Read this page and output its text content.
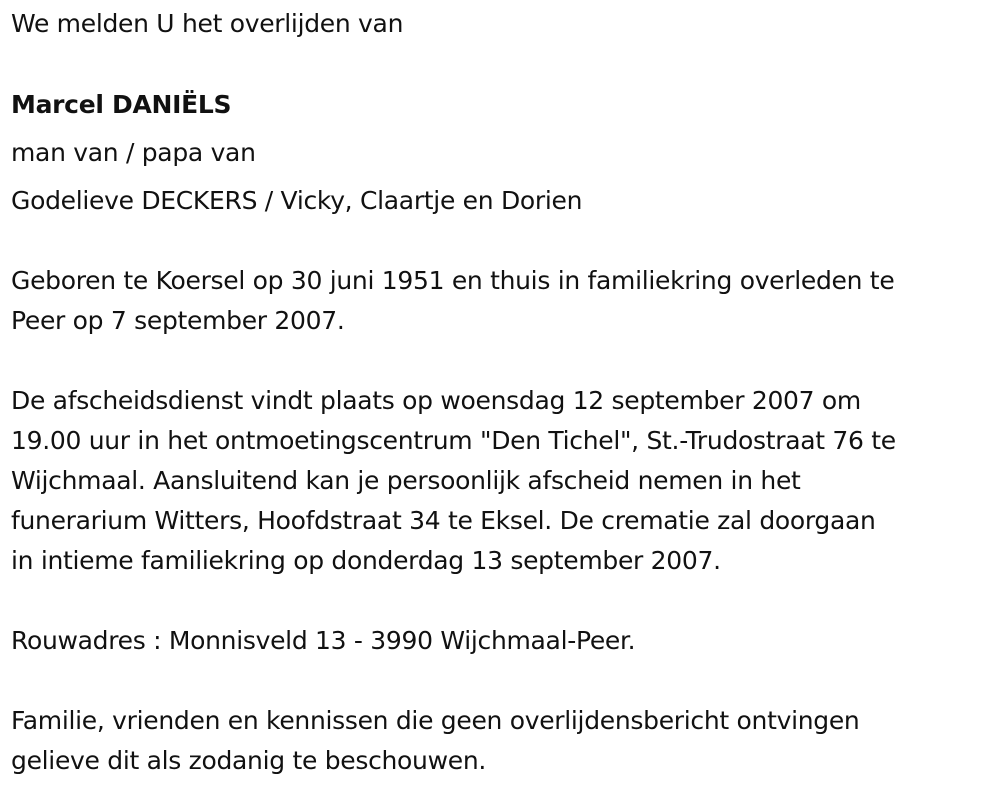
We melden U het overlijden van
Marcel DANIËLS
man van / papa van
Godelieve DECKERS / Vicky, Claartje en Dorien
Geboren te Koersel op 30 juni 1951 en thuis in familiekring overleden te
Peer op 7 september 2007.
De afscheidsdienst vindt plaats op woensdag 12 september 2007 om
19.00 uur in het ontmoetingscentrum "Den Tichel", St.-Trudostraat 76 te
Wijchmaal. Aansluitend kan je persoonlijk afscheid nemen in het
funerarium Witters, Hoofdstraat 34 te Eksel. De crematie zal doorgaan
in intieme familiekring op donderdag 13 september 2007.
Rouwadres : Monnisveld 13 - 3990 Wijchmaal-Peer.
Familie, vrienden en kennissen die geen overlijdensbericht ontvingen
gelieve dit als zodanig te beschouwen.
